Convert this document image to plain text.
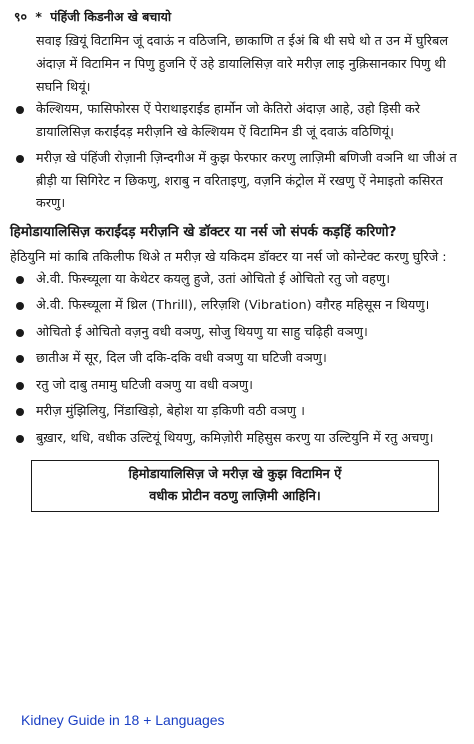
९० * पंहिंजी किडनीअ खे बचायो

सवाइ ख़ियूं विटामिन जूं दवाऊं न वठिजनि, छाकाणि त ईअं बि थी सघे थो त उन में घुरिबल अंदाज़ में विटामिन न पिणु हुजनि ऐं उहे डायालिसिज़ वारे मरीज़ लाइ नुक़िसानकार पिणु थी सघनि थियूं।

केल्शियम, फासिफोरस ऐं पेराथाइराईड हार्मोन जो केतिरो अंदाज़ आहे, उहो ड़िसी करे डायालिसिज़ कराईंदड़ मरीज़नि खे केल्शियम ऐं विटामिन डी जूं दवाऊं वठिणियूं।
मरीज़ खे पंहिंजी रोज़ानी ज़िन्दगीअ में कुझ फेरफार करणु लाज़िमी बणिजी वञनि था जीअं त ब़ीड़ी या सिगिरेट न छिकणु, शराबु न वरिताइणु, वज़नि कंट्रोल में रखणु ऐं नेमाइतो कसिरत करणु।
हिमोडायालिसिज़ कराईंदड़ मरीज़नि खे डॉक्टर या नर्स जो संपर्क कड़हिं करिणो?

हेठियुनि मां काबि तकिलीफ थिअे त मरीज़ खे यकिदम डॉक्टर या नर्स जो कोन्टेक्ट करणु घुरिजे :

अे.वी. फिस्च्यूला या केथेटर कयलु हुजे, उतां ओचितो ई ओचितो रतु जो वहणु।
अे.वी. फिस्च्यूला में थ्रिल (Thrill), लरिज़शि (Vibration) वग़ैरह महिसूस न थियणु।
ओचितो ई ओचितो वज़नु वधी वञणु, सोजु थियणु या साहु चढ़िही वञणु।
छातीअ में सूर, दिल जी दकि-दकि वधी वञणु या घटिजी वञणु।
रतु जो दाबु तमामु घटिजी वञणु या वधी वञणु।
मरीज़ मुंझिलियु, निंडाखिड़ो, बेहोश या ड़किणी वठी वञणु ।
बुख़ार, थधि, वधीक उल्टियूं थियणु, कमिज़ोरी महिसुस करणु या उल्टियुनि में रतु अचणु।
हिमोडायालिसिज़ जे मरीज़ खे कुझ विटामिन ऐं
वधीक प्रोटीन वठणु लाज़िमी आहिनि।
Kidney Guide in 18 + Languages
